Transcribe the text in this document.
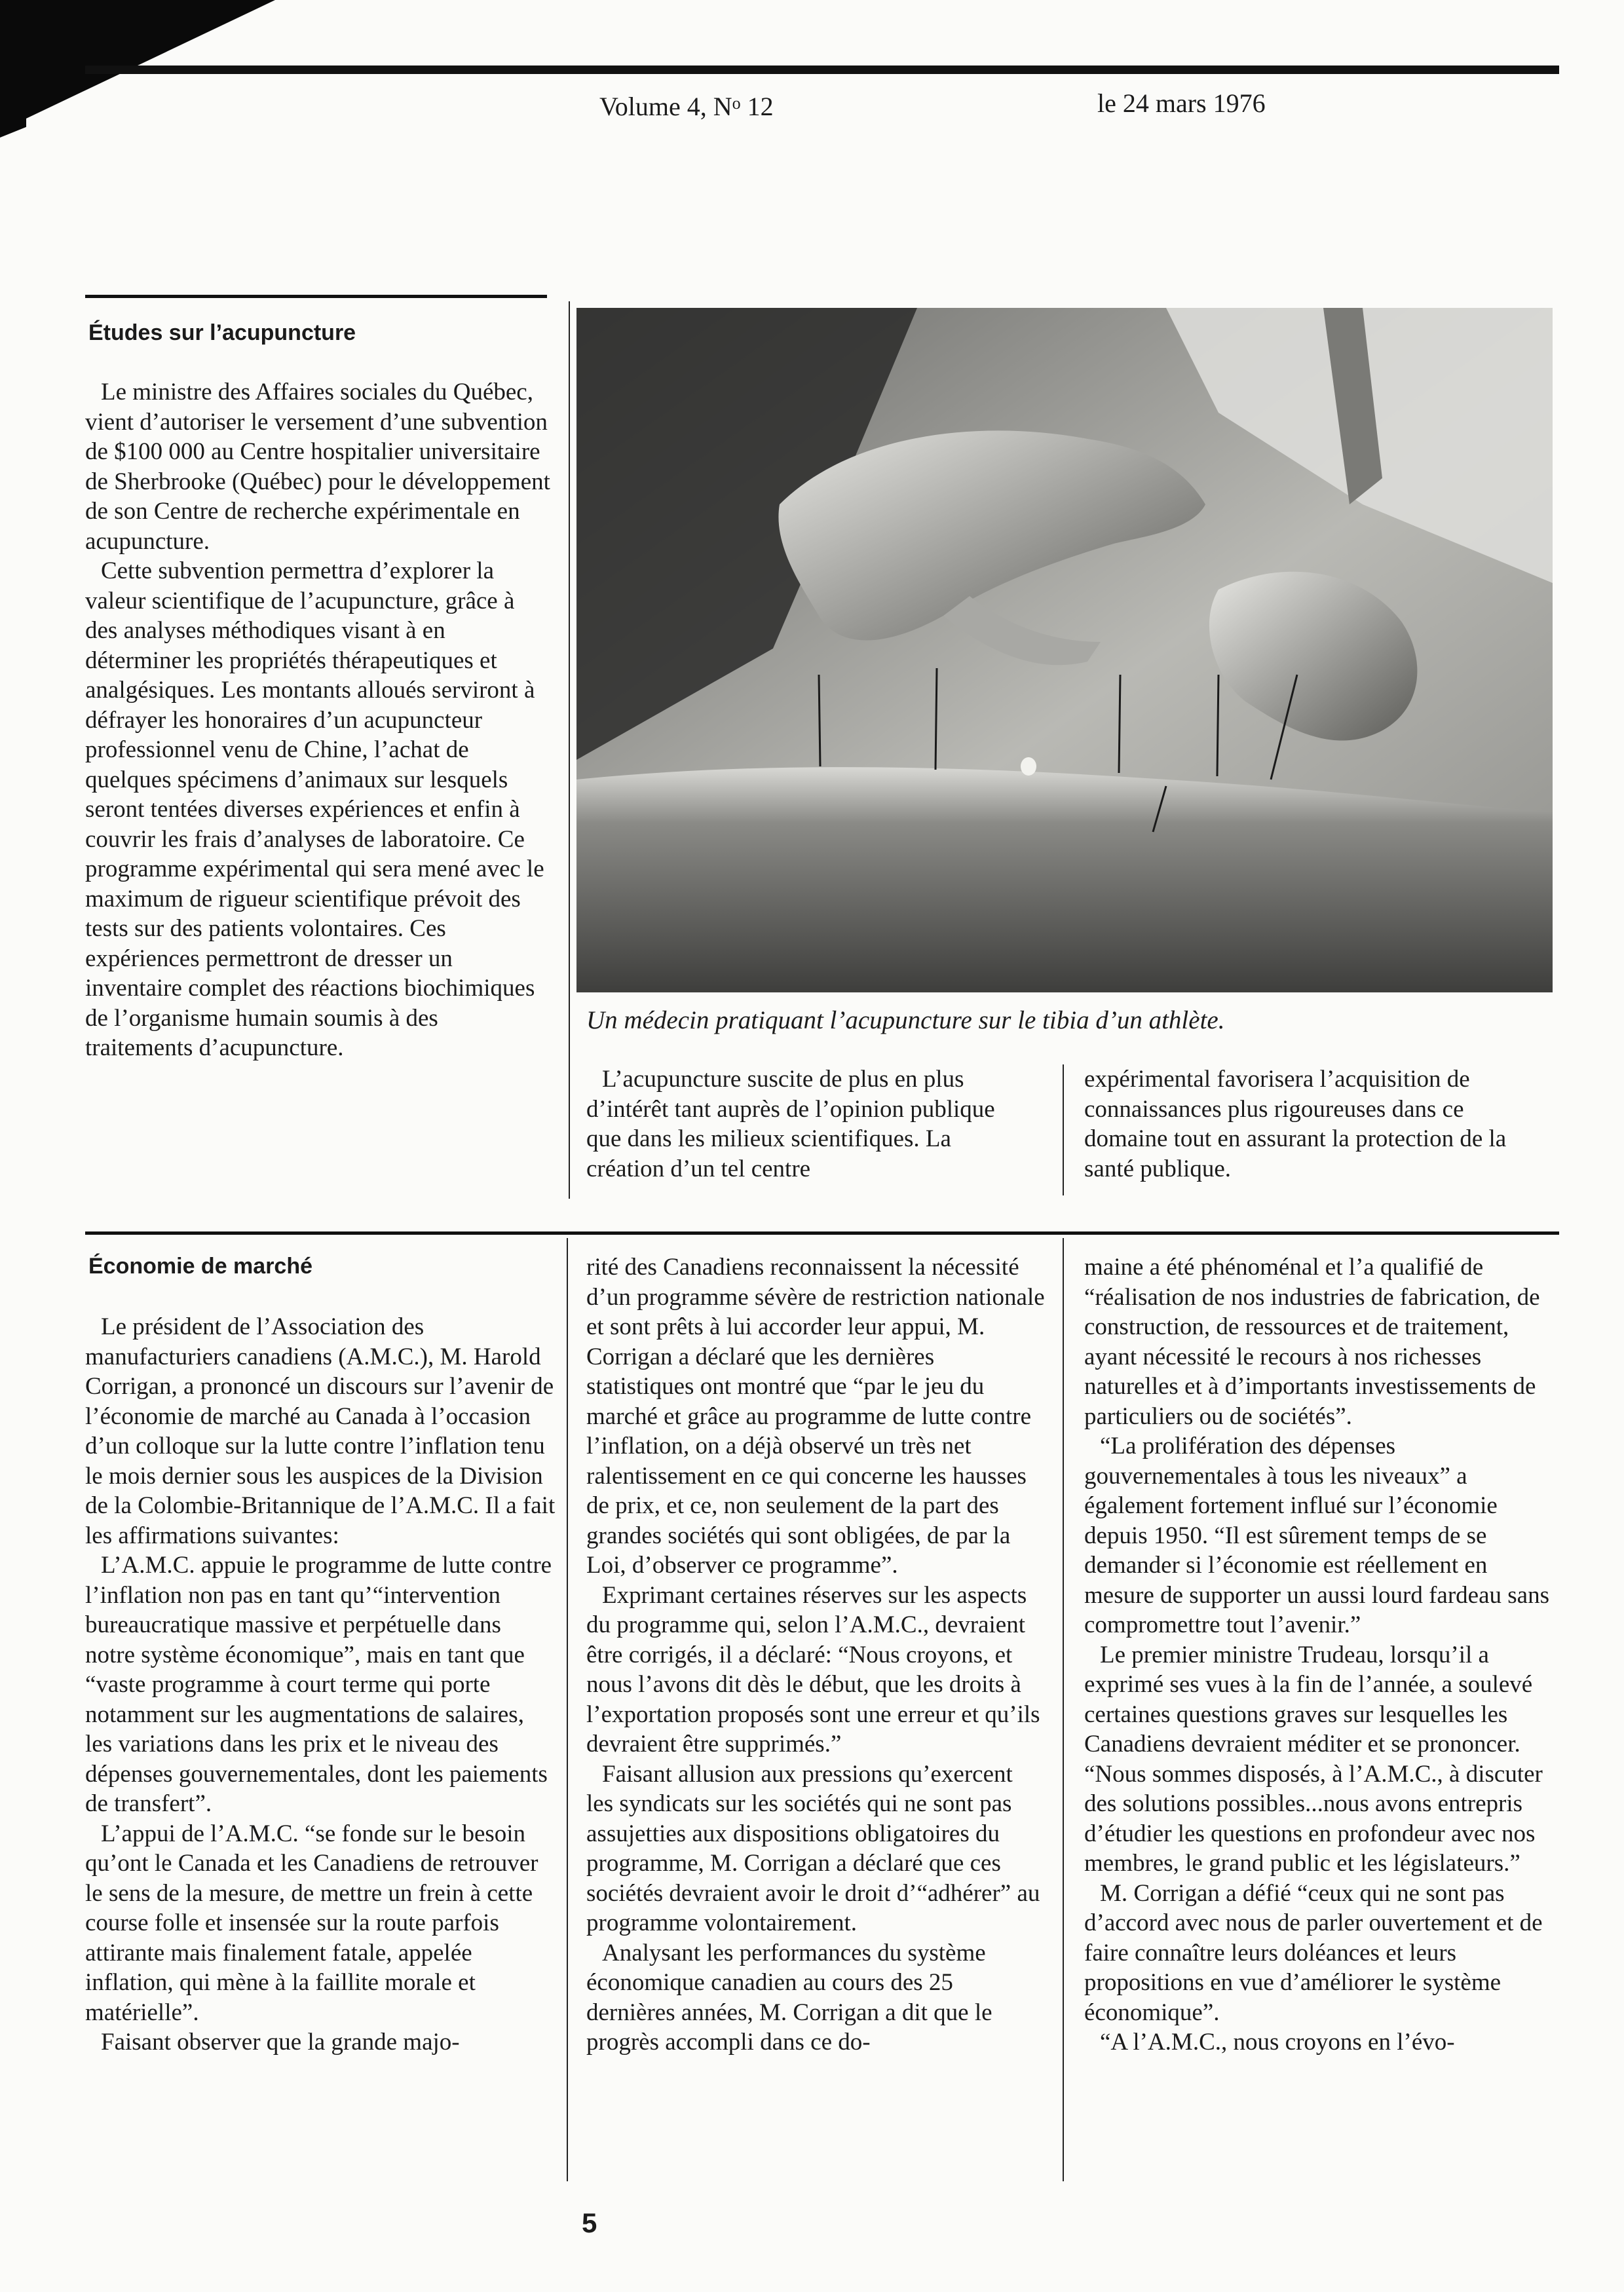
Volume 4, $N^o$ 12	le 24 mars 1976
Études sur l’acupuncture

Le ministre des Affaires sociales du Québec, vient d’autoriser le versement d’une subvention de $100 000 au Centre hospitalier universitaire de Sherbrooke (Québec) pour le développement de son Centre de recherche expérimentale en acupuncture.

Cette subvention permettra d’explorer la valeur scientifique de l’acupuncture, grâce à des analyses méthodiques visant à en déterminer les propriétés thérapeutiques et analgésiques. Les montants alloués serviront à défrayer les honoraires d’un acupuncteur professionnel venu de Chine, l’achat de quelques spécimens d’animaux sur lesquels seront tentées diverses expériences et enfin à couvrir les frais d’analyses de laboratoire. Ce programme expérimental qui sera mené avec le maximum de rigueur scientifique prévoit des tests sur des patients volontaires. Ces expériences permettront de dresser un inventaire complet des réactions biochimiques de l’organisme humain soumis à des traitements d’acupuncture.

Un médecin pratiquant l’acupuncture sur le tibia d’un athlète.

L’acupuncture suscite de plus en plus d’intérêt tant auprès de l’opinion publique que dans les milieux scientifiques. La création d’un tel centre

expérimental favorisera l’acquisition de connaissances plus rigoureuses dans ce domaine tout en assurant la protection de la santé publique.

Économie de marché

Le président de l’Association des manufacturiers canadiens (A.M.C.), M. Harold Corrigan, a prononcé un discours sur l’avenir de l’économie de marché au Canada à l’occasion d’un colloque sur la lutte contre l’inflation tenu le mois dernier sous les auspices de la Division de la Colombie-Britannique de l’A.M.C. Il a fait les affirmations suivantes:

L’A.M.C. appuie le programme de lutte contre l’inflation non pas en tant qu’“intervention bureaucratique massive et perpétuelle dans notre système économique”, mais en tant que “vaste programme à court terme qui porte notamment sur les augmentations de salaires, les variations dans les prix et le niveau des dépenses gouvernementales, dont les paiements de transfert”.

L’appui de l’A.M.C. “se fonde sur le besoin qu’ont le Canada et les Canadiens de retrouver le sens de la mesure, de mettre un frein à cette course folle et insensée sur la route parfois attirante mais finalement fatale, appelée inflation, qui mène à la faillite morale et matérielle”.

Faisant observer que la grande majo-

rité des Canadiens reconnaissent la nécessité d’un programme sévère de restriction nationale et sont prêts à lui accorder leur appui, M. Corrigan a déclaré que les dernières statistiques ont montré que “par le jeu du marché et grâce au programme de lutte contre l’inflation, on a déjà observé un très net ralentissement en ce qui concerne les hausses de prix, et ce, non seulement de la part des grandes sociétés qui sont obligées, de par la Loi, d’observer ce programme”.

Exprimant certaines réserves sur les aspects du programme qui, selon l’A.M.C., devraient être corrigés, il a déclaré: “Nous croyons, et nous l’avons dit dès le début, que les droits à l’exportation proposés sont une erreur et qu’ils devraient être supprimés.”

Faisant allusion aux pressions qu’exercent les syndicats sur les sociétés qui ne sont pas assujetties aux dispositions obligatoires du programme, M. Corrigan a déclaré que ces sociétés devraient avoir le droit d’“adhérer” au programme volontairement.

Analysant les performances du système économique canadien au cours des 25 dernières années, M. Corrigan a dit que le progrès accompli dans ce do-

maine a été phénoménal et l’a qualifié de “réalisation de nos industries de fabrication, de construction, de ressources et de traitement, ayant nécessité le recours à nos richesses naturelles et à d’importants investissements de particuliers ou de sociétés”.

“La prolifération des dépenses gouvernementales à tous les niveaux” a également fortement influé sur l’économie depuis 1950. “Il est sûrement temps de se demander si l’économie est réellement en mesure de supporter un aussi lourd fardeau sans compromettre tout l’avenir.”

Le premier ministre Trudeau, lorsqu’il a exprimé ses vues à la fin de l’année, a soulevé certaines questions graves sur lesquelles les Canadiens devraient méditer et se prononcer. “Nous sommes disposés, à l’A.M.C., à discuter des solutions possibles...nous avons entrepris d’étudier les questions en profondeur avec nos membres, le grand public et les législateurs.”

M. Corrigan a défié “ceux qui ne sont pas d’accord avec nous de parler ouvertement et de faire connaître leurs doléances et leurs propositions en vue d’améliorer le système économique”.

“A l’A.M.C., nous croyons en l’évo-

5
